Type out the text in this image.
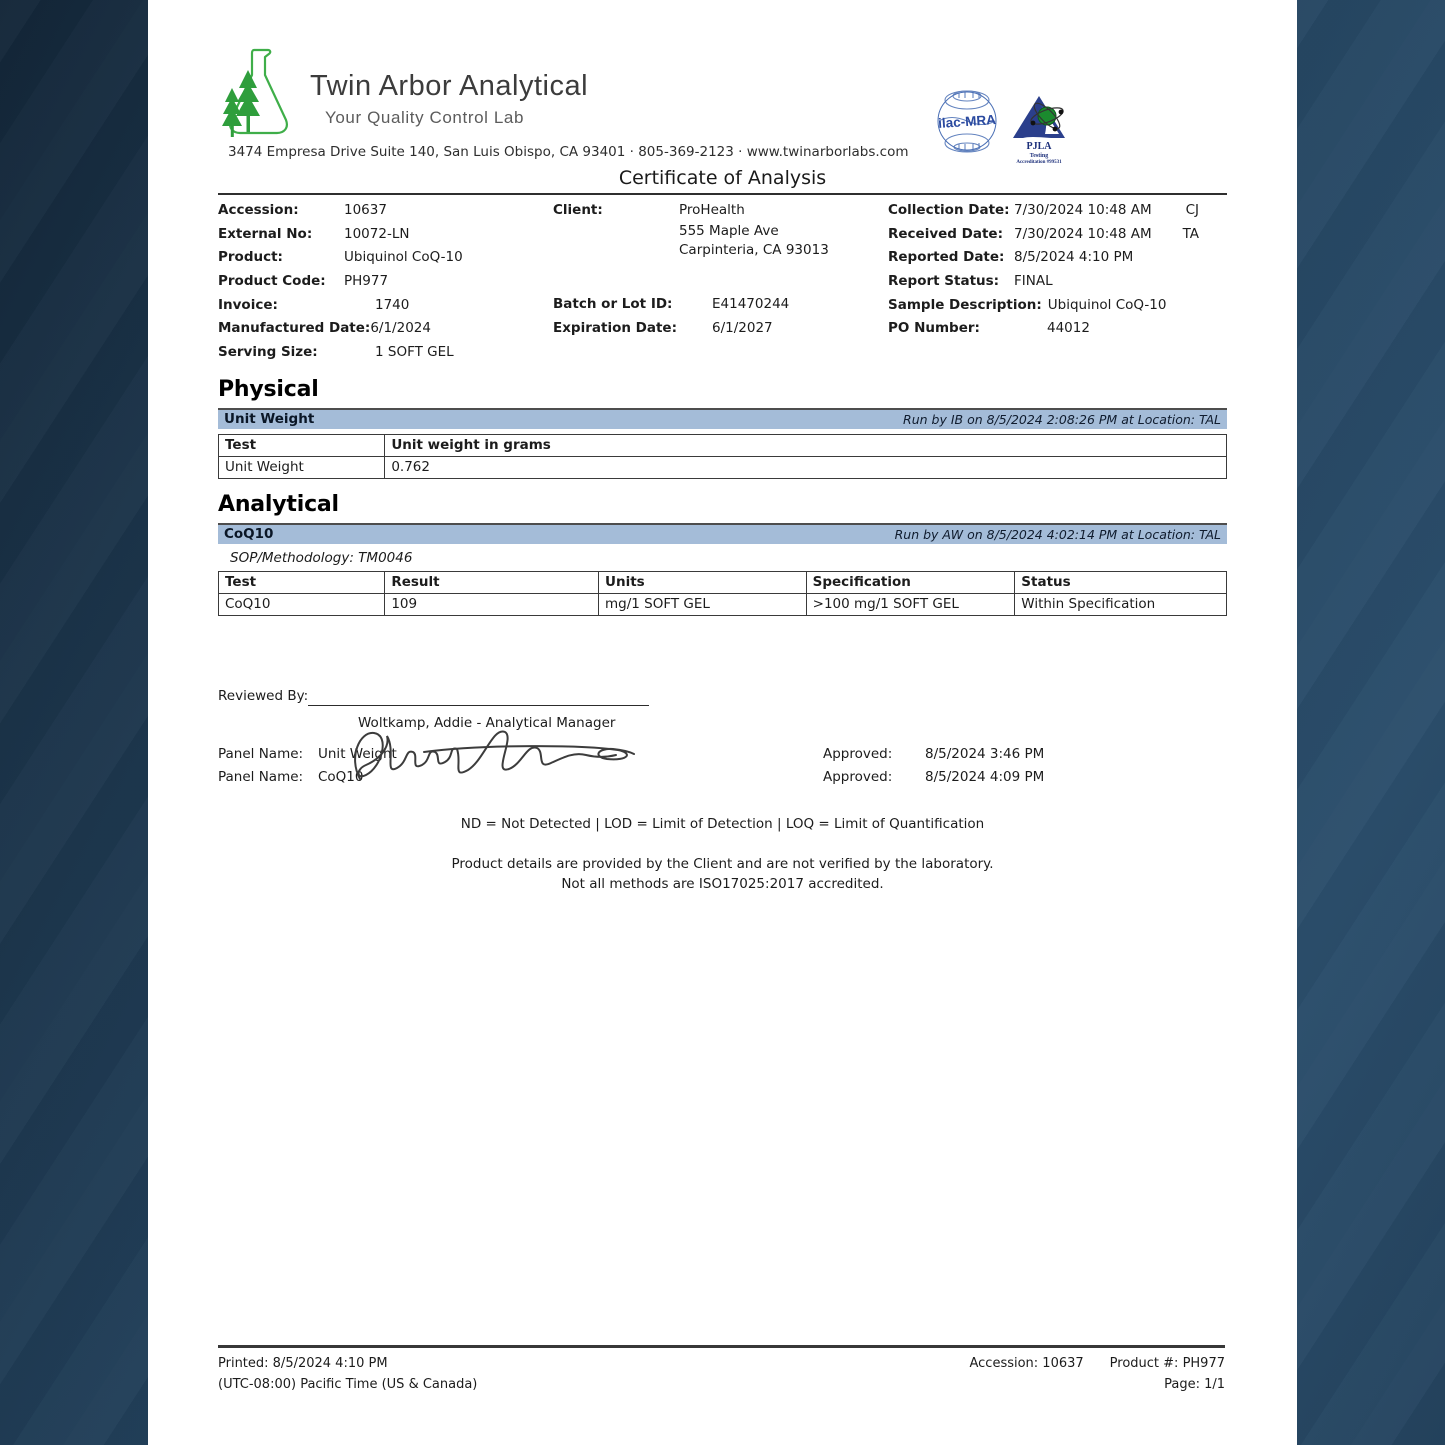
Twin Arbor Analytical
Your Quality Control Lab
3474 Empresa Drive Suite 140, San Luis Obispo, CA 93401 · 805-369-2123 · www.twinarborlabs.com
ilac-MRA
PJLA
Testing
Accreditation #99531
Certificate of Analysis
Accession:	10637
External No:	10072-LN
Product:	Ubiquinol CoQ-10
Product Code:	PH977
Invoice:	1740
Manufactured Date: 6/1/2024
Serving Size:	1 SOFT GEL
Client:	ProHealth
555 Maple Ave
Carpinteria, CA 93013
Batch or Lot ID:	E41470244
Expiration Date:	6/1/2027
Collection Date: 7/30/2024 10:48 AM	CJ
Received Date: 7/30/2024 10:48 AM TA
Reported Date: 8/5/2024 4:10 PM
Report Status:	FINAL
Sample Description: Ubiquinol CoQ-10
PO Number:	44012
Physical
Unit Weight	Run by IB on 8/5/2024 2:08:26 PM at Location: TAL
Test	Unit weight in grams
Unit Weight	0.762
Analytical
CoQ10	Run by AW on 8/5/2024 4:02:14 PM at Location: TAL
SOP/Methodology: TM0046
Test	Result	Units	Specification	Status
CoQ10	109	mg/1 SOFT GEL	>100 mg/1 SOFT GEL	Within Specification
Reviewed By:
Woltkamp, Addie - Analytical Manager
Panel Name:	Unit Weight	Approved:	8/5/2024 3:46 PM
Panel Name:	CoQ10	Approved:	8/5/2024 4:09 PM
ND = Not Detected | LOD = Limit of Detection | LOQ = Limit of Quantification
Product details are provided by the Client and are not verified by the laboratory.
Not all methods are ISO17025:2017 accredited.
Printed: 8/5/2024 4:10 PM
(UTC-08:00) Pacific Time (US & Canada)
Accession: 10637 Product #: PH977
Page: 1/1
